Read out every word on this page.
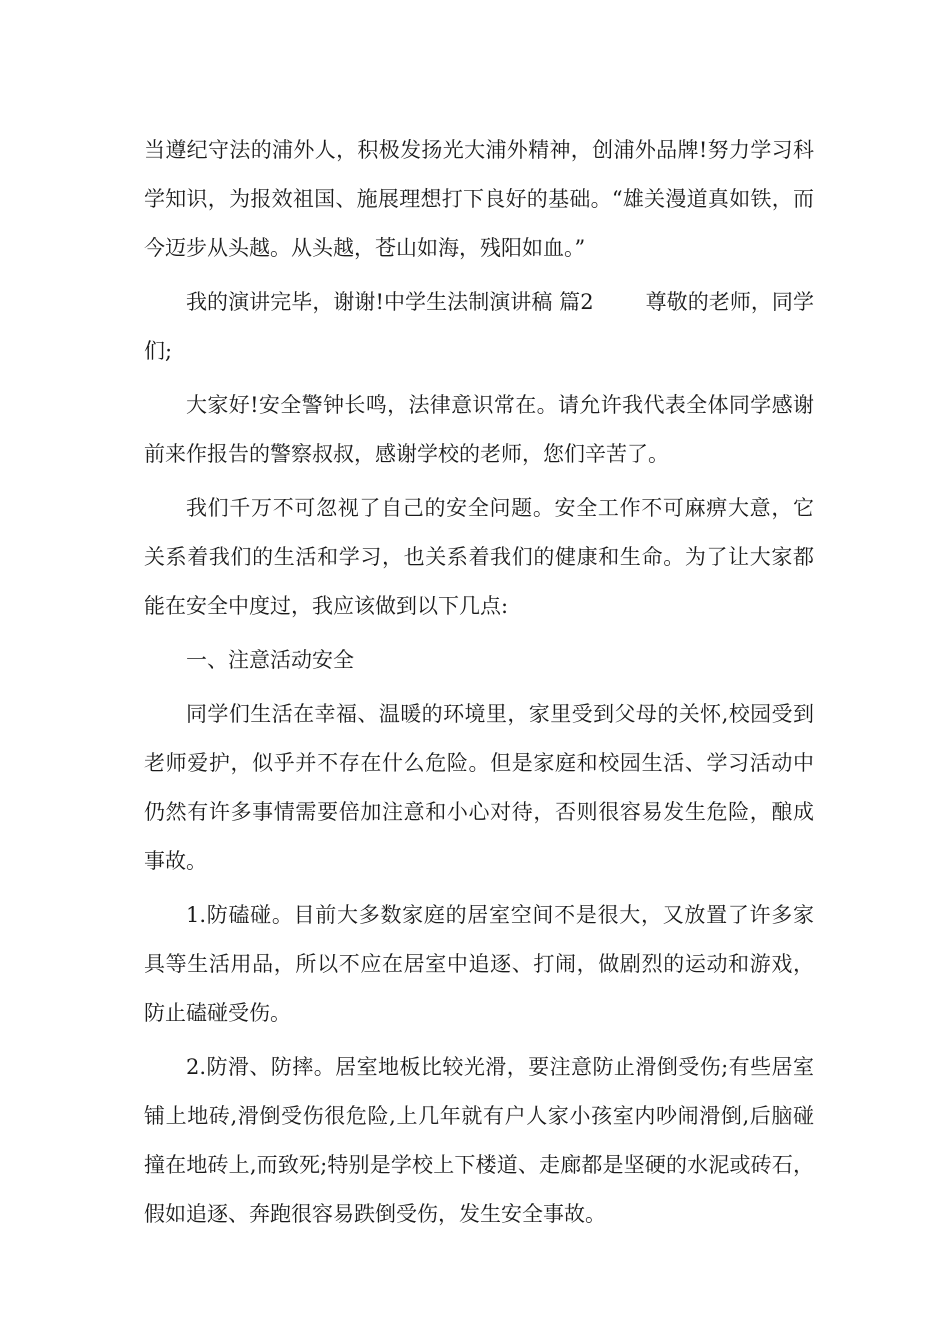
当遵纪守法的浦外人，积极发扬光大浦外精神，创浦外品牌!努力学习科学知识，为报效祖国、施展理想打下良好的基础。“雄关漫道真如铁，而今迈步从头越。从头越，苍山如海，残阳如血。”

我的演讲完毕，谢谢!中学生法制演讲稿 篇2 尊敬的老师，同学们;

大家好!安全警钟长鸣，法律意识常在。请允许我代表全体同学感谢前来作报告的警察叔叔，感谢学校的老师，您们辛苦了。

我们千万不可忽视了自己的安全问题。安全工作不可麻痹大意，它关系着我们的生活和学习，也关系着我们的健康和生命。为了让大家都能在安全中度过，我应该做到以下几点:

一、注意活动安全

同学们生活在幸福、温暖的环境里，家里受到父母的关怀,校园受到老师爱护，似乎并不存在什么危险。但是家庭和校园生活、学习活动中仍然有许多事情需要倍加注意和小心对待，否则很容易发生危险，酿成事故。

1.防磕碰。目前大多数家庭的居室空间不是很大，又放置了许多家具等生活用品，所以不应在居室中追逐、打闹，做剧烈的运动和游戏，防止磕碰受伤。

2.防滑、防摔。居室地板比较光滑，要注意防止滑倒受伤;有些居室铺上地砖,滑倒受伤很危险,上几年就有户人家小孩室内吵闹滑倒,后脑碰撞在地砖上,而致死;特别是学校上下楼道、走廊都是坚硬的水泥或砖石，假如追逐、奔跑很容易跌倒受伤，发生安全事故。
